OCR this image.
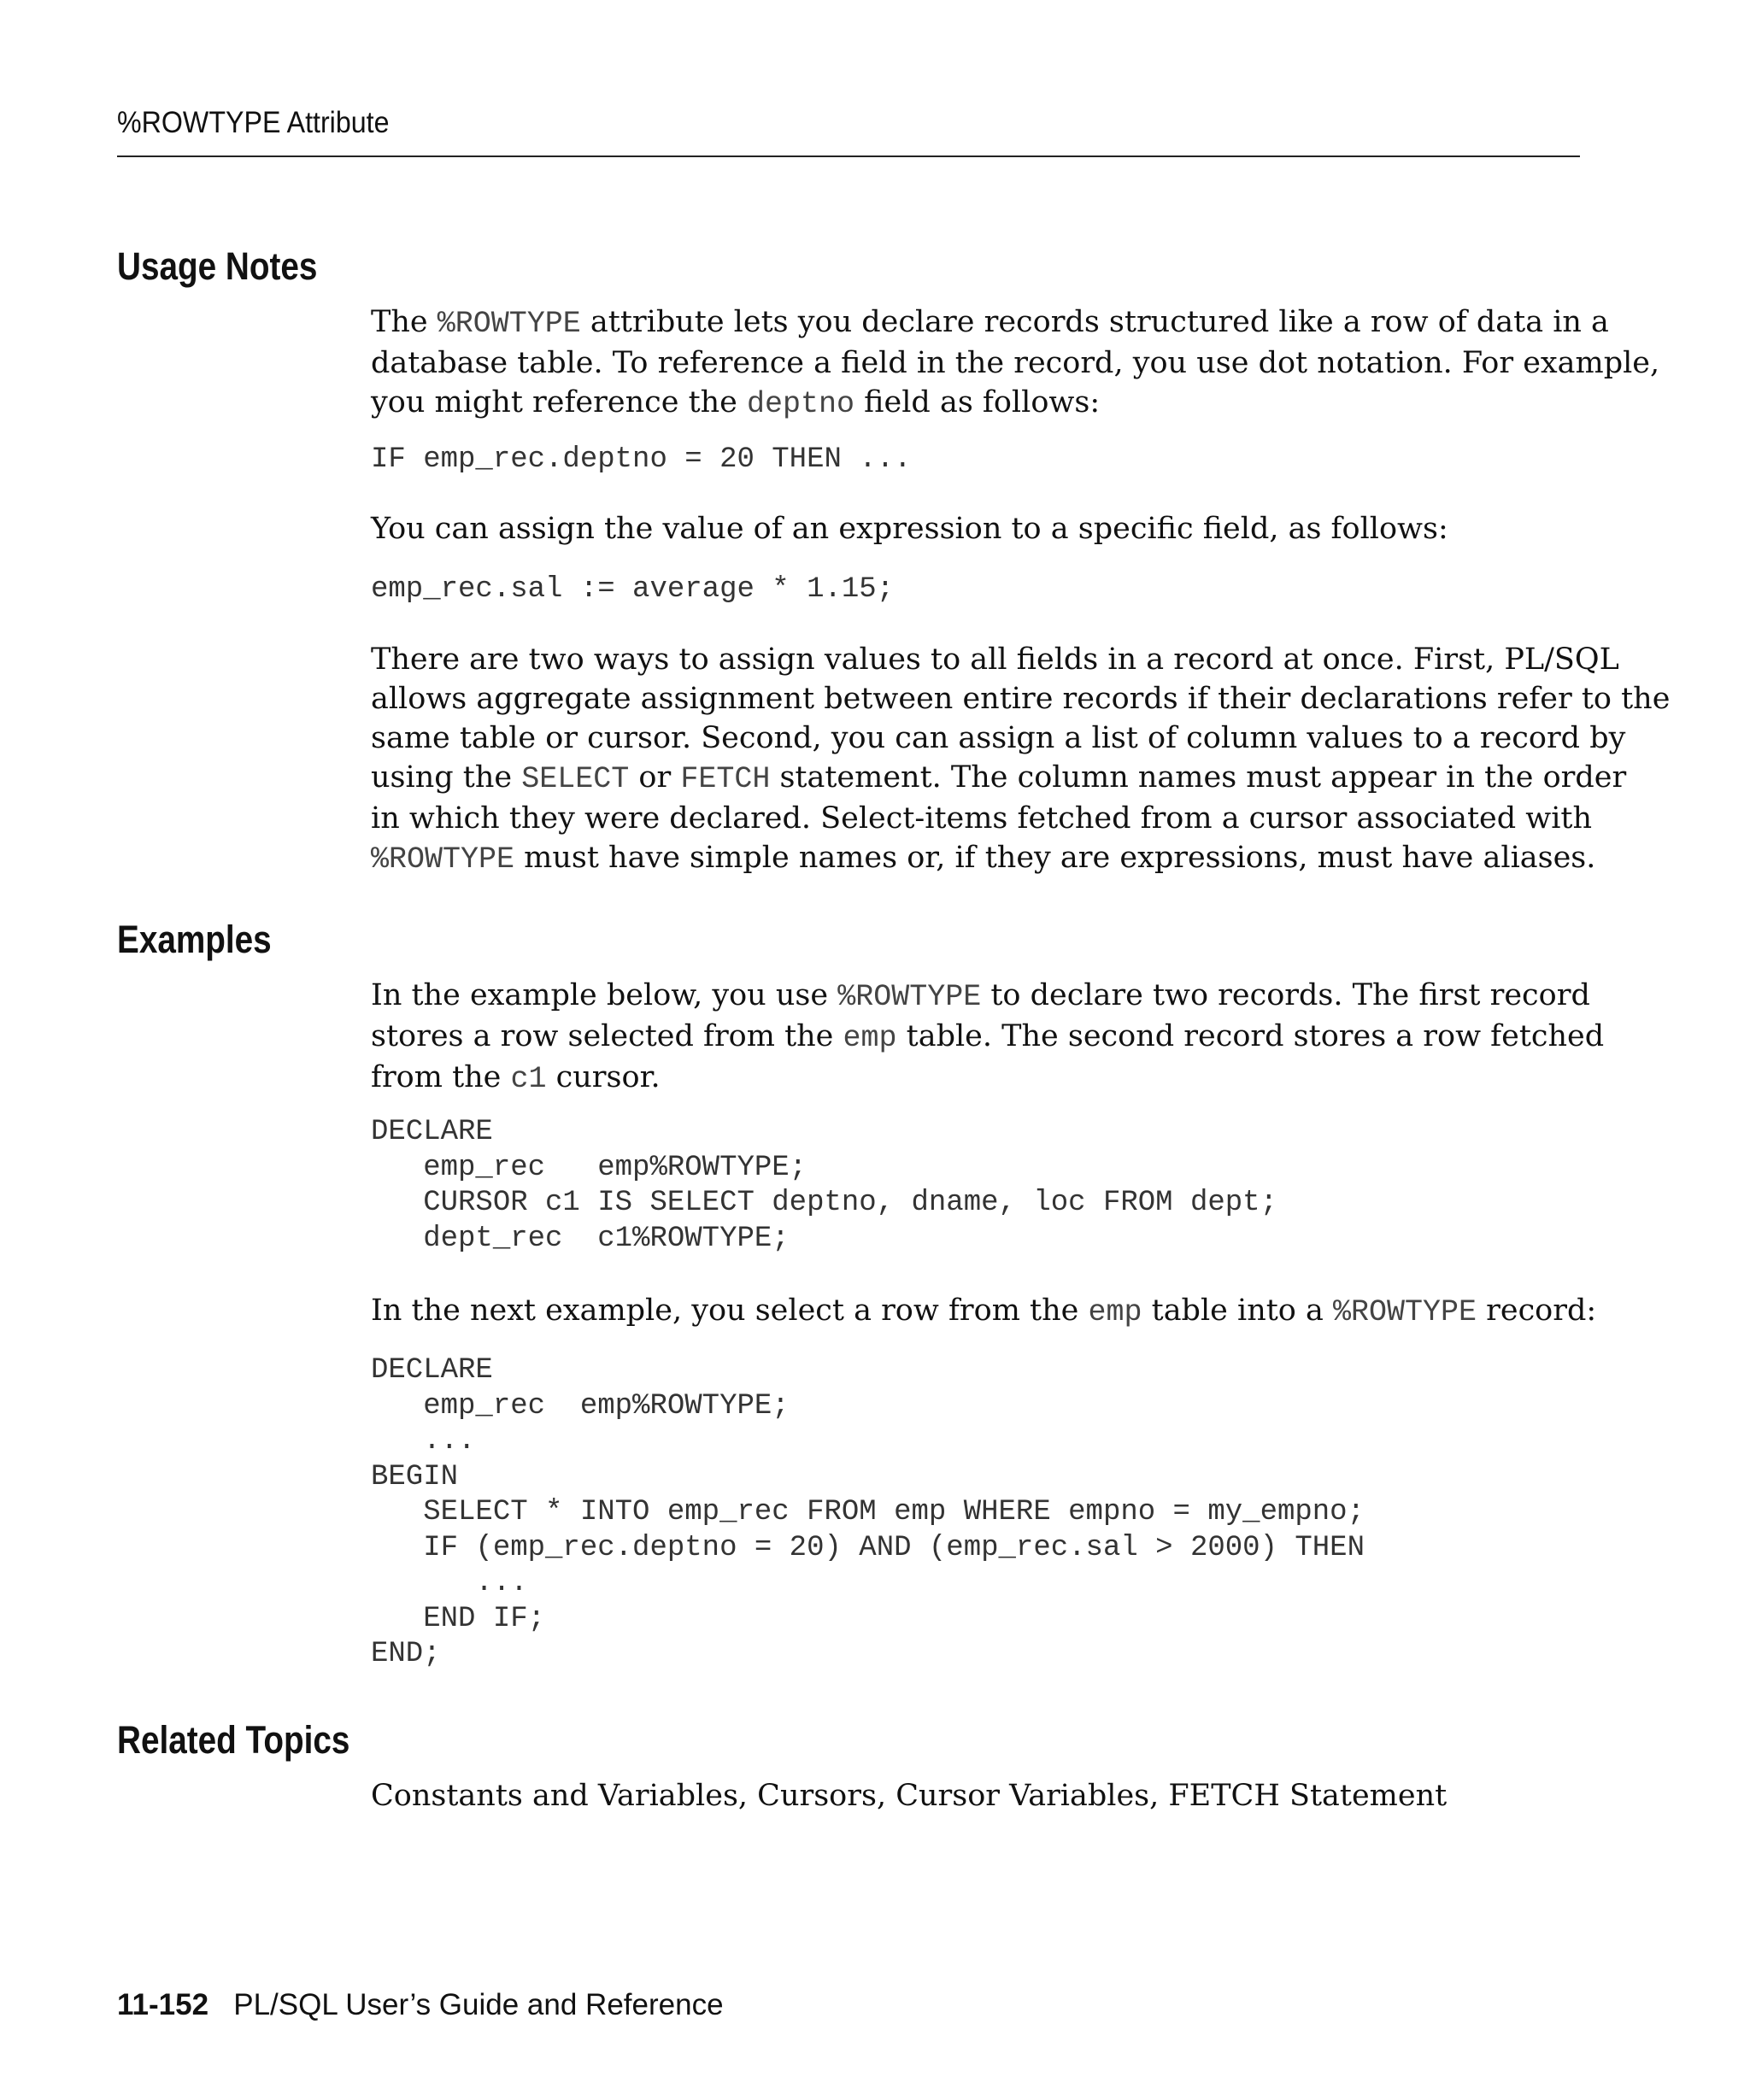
%ROWTYPE Attribute
Usage Notes

The %ROWTYPE attribute lets you declare records structured like a row of data in a
database table. To reference a field in the record, you use dot notation. For example,
you might reference the deptno field as follows:

IF emp_rec.deptno = 20 THEN ...

You can assign the value of an expression to a specific field, as follows:

emp_rec.sal := average * 1.15;

There are two ways to assign values to all fields in a record at once. First, PL/SQL
allows aggregate assignment between entire records if their declarations refer to the
same table or cursor. Second, you can assign a list of column values to a record by
using the SELECT or FETCH statement. The column names must appear in the order
in which they were declared. Select-items fetched from a cursor associated with
%ROWTYPE must have simple names or, if they are expressions, must have aliases.

Examples

In the example below, you use %ROWTYPE to declare two records. The first record
stores a row selected from the emp table. The second record stores a row fetched
from the c1 cursor.

DECLARE
emp_rec   emp%ROWTYPE;
CURSOR c1 IS SELECT deptno, dname, loc FROM dept;
dept_rec  c1%ROWTYPE;

In the next example, you select a row from the emp table into a %ROWTYPE record:

DECLARE
emp_rec  emp%ROWTYPE;
...
BEGIN
SELECT * INTO emp_rec FROM emp WHERE empno = my_empno;
IF (emp_rec.deptno = 20) AND (emp_rec.sal > 2000) THEN
...
END IF;
END;
Related Topics

Constants and Variables, Cursors, Cursor Variables, FETCH Statement

11-152 PL/SQL User’s Guide and Reference
